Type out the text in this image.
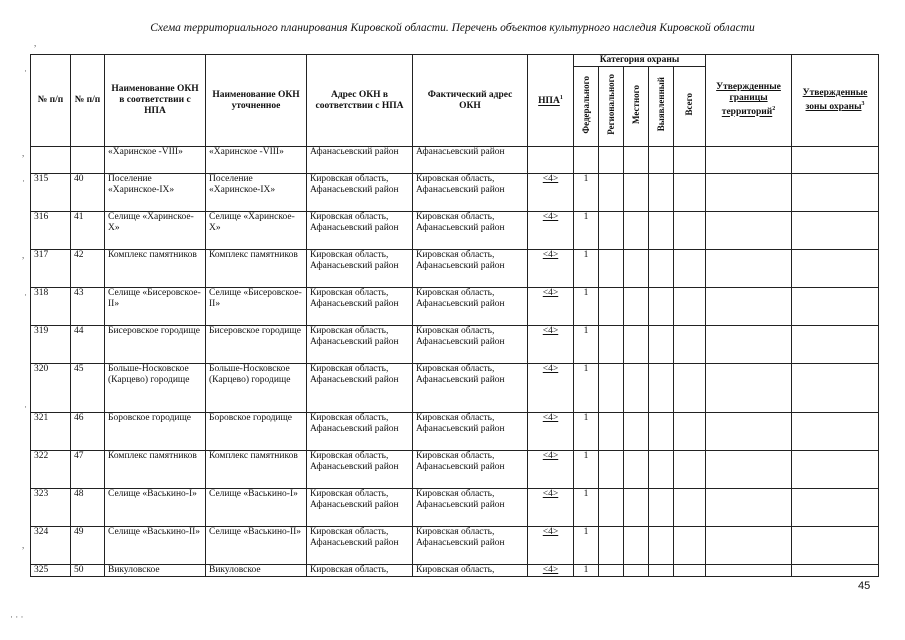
Схема территориального планирования Кировской области. Перечень объектов культурного наследия Кировской области
,
·
,
·
·
,
·
,
· · ·
№ п/п	№ п/п	Наименование ОКН в соответствии с НПА	Наименование ОКН уточненное	Адрес ОКН в соответствии с НПА	Фактический адрес ОКН	НПА$^1$	Категория охраны					Утвержденные границы территорий$^2$	Утвержденные зоны охраны$^3$
							Федерального	Регионального	Местного	Выявленный	Всего		
		«Харинское -VIII»	«Харинское -VIII»	Афанасьевский район	Афанасьевский район								
315	40	Поселение «Харинское-IX»	Поселение «Харинское-IX»	Кировская область, Афанасьевский район	Кировская область, Афанасьевский район	<4>	1						
316	41	Селище «Харинское-X»	Селище «Харинское-X»	Кировская область, Афанасьевский район	Кировская область, Афанасьевский район	<4>	1						
317	42	Комплекс памятников	Комплекс памятников	Кировская область, Афанасьевский район	Кировская область, Афанасьевский район	<4>	1						
318	43	Селище «Бисеровское-II»	Селище «Бисеровское-II»	Кировская область, Афанасьевский район	Кировская область, Афанасьевский район	<4>	1						
319	44	Бисеровское городище	Бисеровское городище	Кировская область, Афанасьевский район	Кировская область, Афанасьевский район	<4>	1						
320	45	Больше-Носковское (Карцево) городище	Больше-Носковское (Карцево) городище	Кировская область, Афанасьевский район	Кировская область, Афанасьевский район	<4>	1						
321	46	Боровское городище	Боровское городище	Кировская область, Афанасьевский район	Кировская область, Афанасьевский район	<4>	1						
322	47	Комплекс памятников	Комплекс памятников	Кировская область, Афанасьевский район	Кировская область, Афанасьевский район	<4>	1						
323	48	Селище «Васькино-I»	Селище «Васькино-I»	Кировская область, Афанасьевский район	Кировская область, Афанасьевский район	<4>	1						
324	49	Селище «Васькино-II»	Селище «Васькино-II»	Кировская область, Афанасьевский район	Кировская область, Афанасьевский район	<4>	1						
325	50	Викуловское	Викуловское	Кировская область,	Кировская область,	<4>	1						
45
